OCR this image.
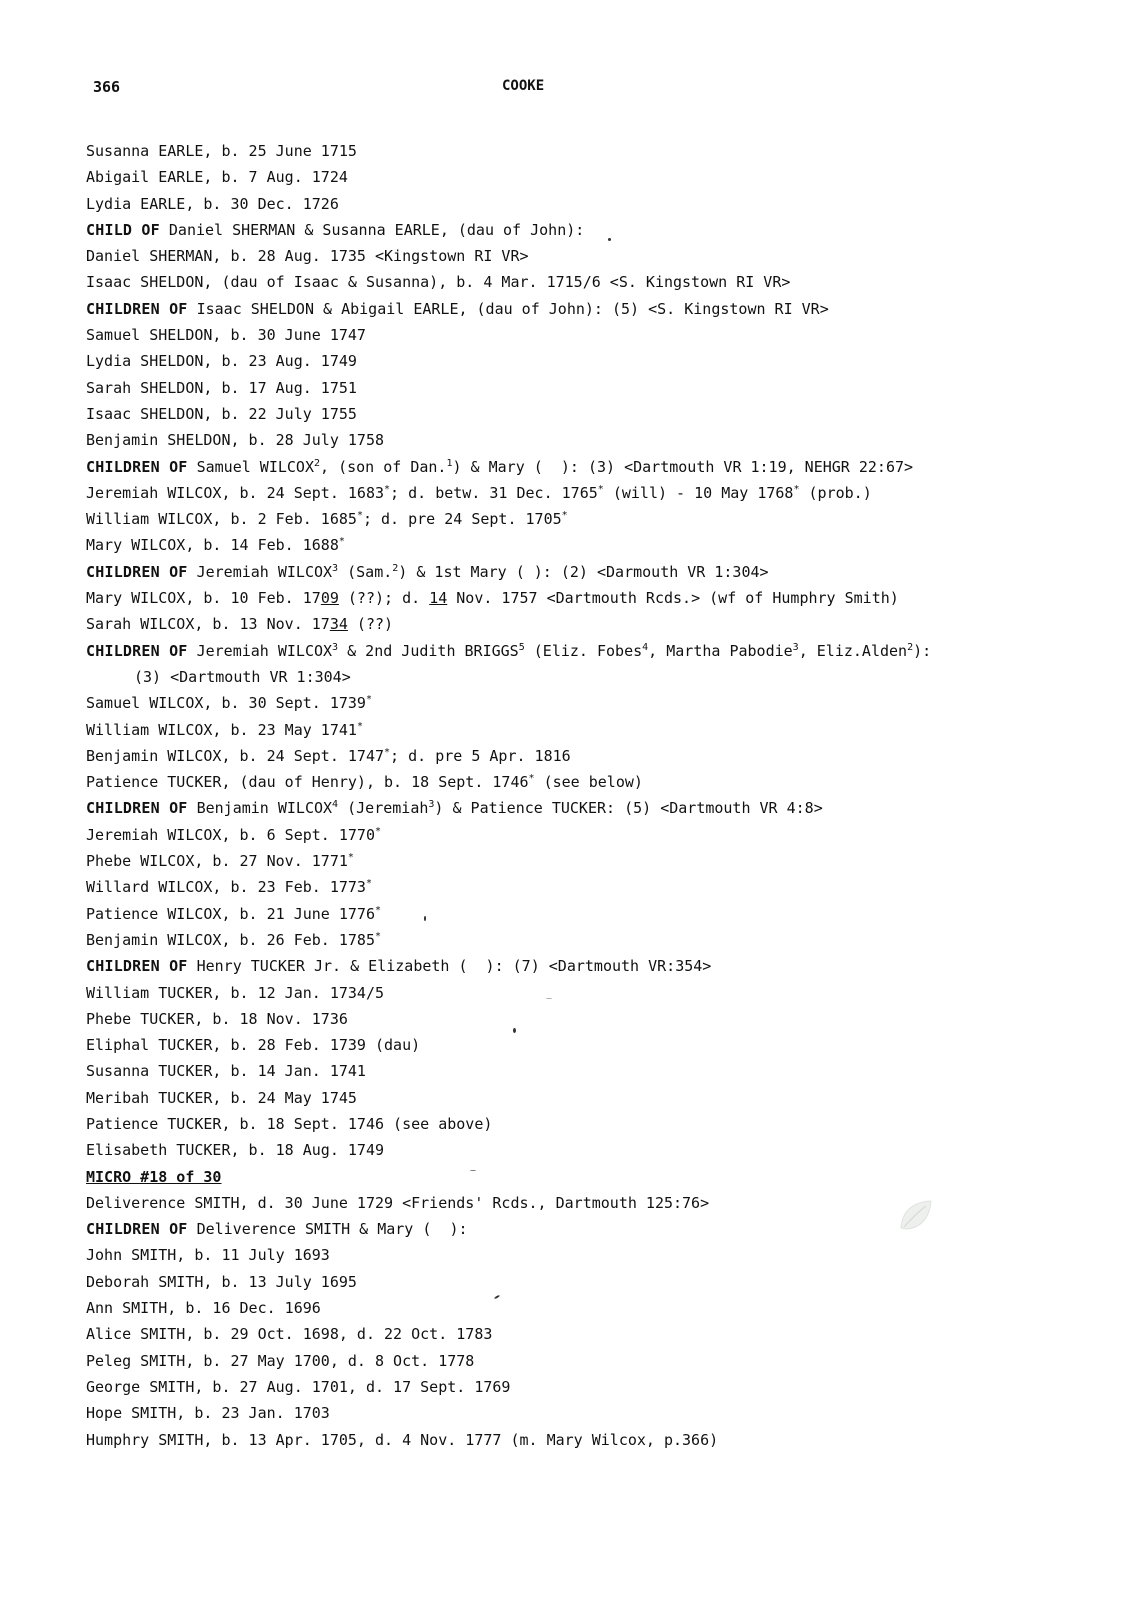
366	COOKE
Susanna EARLE, b. 25 June 1715
Abigail EARLE, b. 7 Aug. 1724
Lydia EARLE, b. 30 Dec. 1726
CHILD OF Daniel SHERMAN & Susanna EARLE, (dau of John):
Daniel SHERMAN, b. 28 Aug. 1735 <Kingstown RI VR>
Isaac SHELDON, (dau of Isaac & Susanna), b. 4 Mar. 1715/6 <S. Kingstown RI VR>
CHILDREN OF Isaac SHELDON & Abigail EARLE, (dau of John): (5) <S. Kingstown RI VR>
Samuel SHELDON, b. 30 June 1747
Lydia SHELDON, b. 23 Aug. 1749
Sarah SHELDON, b. 17 Aug. 1751
Isaac SHELDON, b. 22 July 1755
Benjamin SHELDON, b. 28 July 1758
CHILDREN OF Samuel WILCOX$^2$, (son of Dan.$^1$) & Mary (  ): (3) <Dartmouth VR 1:19, NEHGR 22:67>
Jeremiah WILCOX, b. 24 Sept. 1683*; d. betw. 31 Dec. 1765* (will) - 10 May 1768* (prob.)
William WILCOX, b. 2 Feb. 1685*; d. pre 24 Sept. 1705*
Mary WILCOX, b. 14 Feb. 1688*
CHILDREN OF Jeremiah WILCOX$^3$ (Sam.$^2$) & 1st Mary ( ): (2) <Darmouth VR 1:304>
Mary WILCOX, b. 10 Feb. 1709 (??); d. 14 Nov. 1757 <Dartmouth Rcds.> (wf of Humphry Smith)
Sarah WILCOX, b. 13 Nov. 1734 (??)
CHILDREN OF Jeremiah WILCOX$^3$ & 2nd Judith BRIGGS$^5$ (Eliz. Fobes$^4$, Martha Pabodie$^3$, Eliz.Alden$^2$):
(3) <Dartmouth VR 1:304>
Samuel WILCOX, b. 30 Sept. 1739*
William WILCOX, b. 23 May 1741*
Benjamin WILCOX, b. 24 Sept. 1747*; d. pre 5 Apr. 1816
Patience TUCKER, (dau of Henry), b. 18 Sept. 1746* (see below)
CHILDREN OF Benjamin WILCOX$^4$ (Jeremiah$^3$) & Patience TUCKER: (5) <Dartmouth VR 4:8>
Jeremiah WILCOX, b. 6 Sept. 1770*
Phebe WILCOX, b. 27 Nov. 1771*
Willard WILCOX, b. 23 Feb. 1773*
Patience WILCOX, b. 21 June 1776*
Benjamin WILCOX, b. 26 Feb. 1785*
CHILDREN OF Henry TUCKER Jr. & Elizabeth (  ): (7) <Dartmouth VR:354>
William TUCKER, b. 12 Jan. 1734/5
Phebe TUCKER, b. 18 Nov. 1736
Eliphal TUCKER, b. 28 Feb. 1739 (dau)
Susanna TUCKER, b. 14 Jan. 1741
Meribah TUCKER, b. 24 May 1745
Patience TUCKER, b. 18 Sept. 1746 (see above)
Elisabeth TUCKER, b. 18 Aug. 1749
MICRO #18 of 30
Deliverence SMITH, d. 30 June 1729 <Friends' Rcds., Dartmouth 125:76>
CHILDREN OF Deliverence SMITH & Mary (  ):
John SMITH, b. 11 July 1693
Deborah SMITH, b. 13 July 1695
Ann SMITH, b. 16 Dec. 1696
Alice SMITH, b. 29 Oct. 1698, d. 22 Oct. 1783
Peleg SMITH, b. 27 May 1700, d. 8 Oct. 1778
George SMITH, b. 27 Aug. 1701, d. 17 Sept. 1769
Hope SMITH, b. 23 Jan. 1703
Humphry SMITH, b. 13 Apr. 1705, d. 4 Nov. 1777 (m. Mary Wilcox, p.366)
